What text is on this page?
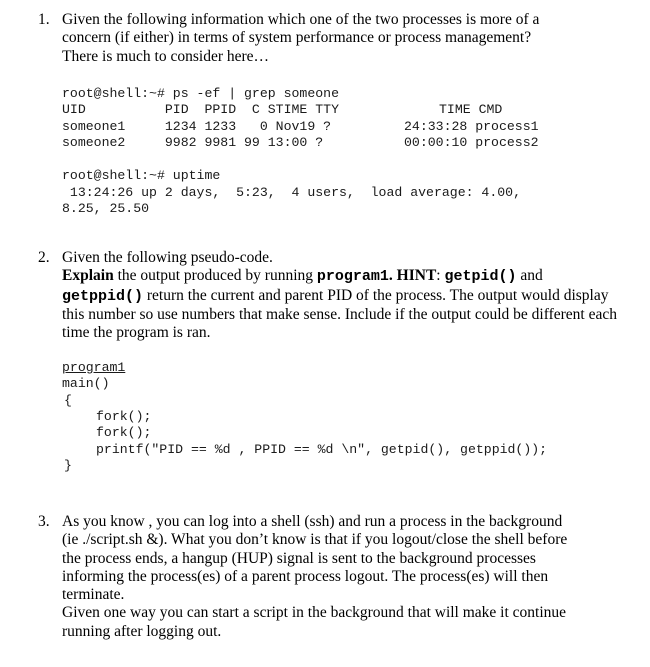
1. Given the following information which one of the two processes is more of a
concern (if either) in terms of system performance or process management?
There is much to consider here…
root@shell:~# ps -ef | grep someone
UID          PID  PPID  C STIME TTY	TIME CMD
someone1     1234 1233   0 Nov19 ?	24:33:28 process1
someone2     9982 9981 99 13:00 ?	00:00:10 process2
root@shell:~# uptime
13:24:26 up 2 days,  5:23,  4 users,  load average: 4.00,
8.25, 25.50
2. Given the following pseudo-code.
Explain the output produced by running program1. HINT: getpid() and
getppid() return the current and parent PID of the process. The output would display
this number so use numbers that make sense. Include if the output could be different each
time the program is ran.
program1
main()
{
fork();
fork();
printf("PID == %d , PPID == %d \n", getpid(), getppid());
}
3. As you know , you can log into a shell (ssh) and run a process in the background
(ie ./script.sh &). What you don’t know is that if you logout/close the shell before
the process ends, a hangup (HUP) signal is sent to the background processes
informing the process(es) of a parent process logout. The process(es) will then
terminate.
Given one way you can start a script in the background that will make it continue
running after logging out.
